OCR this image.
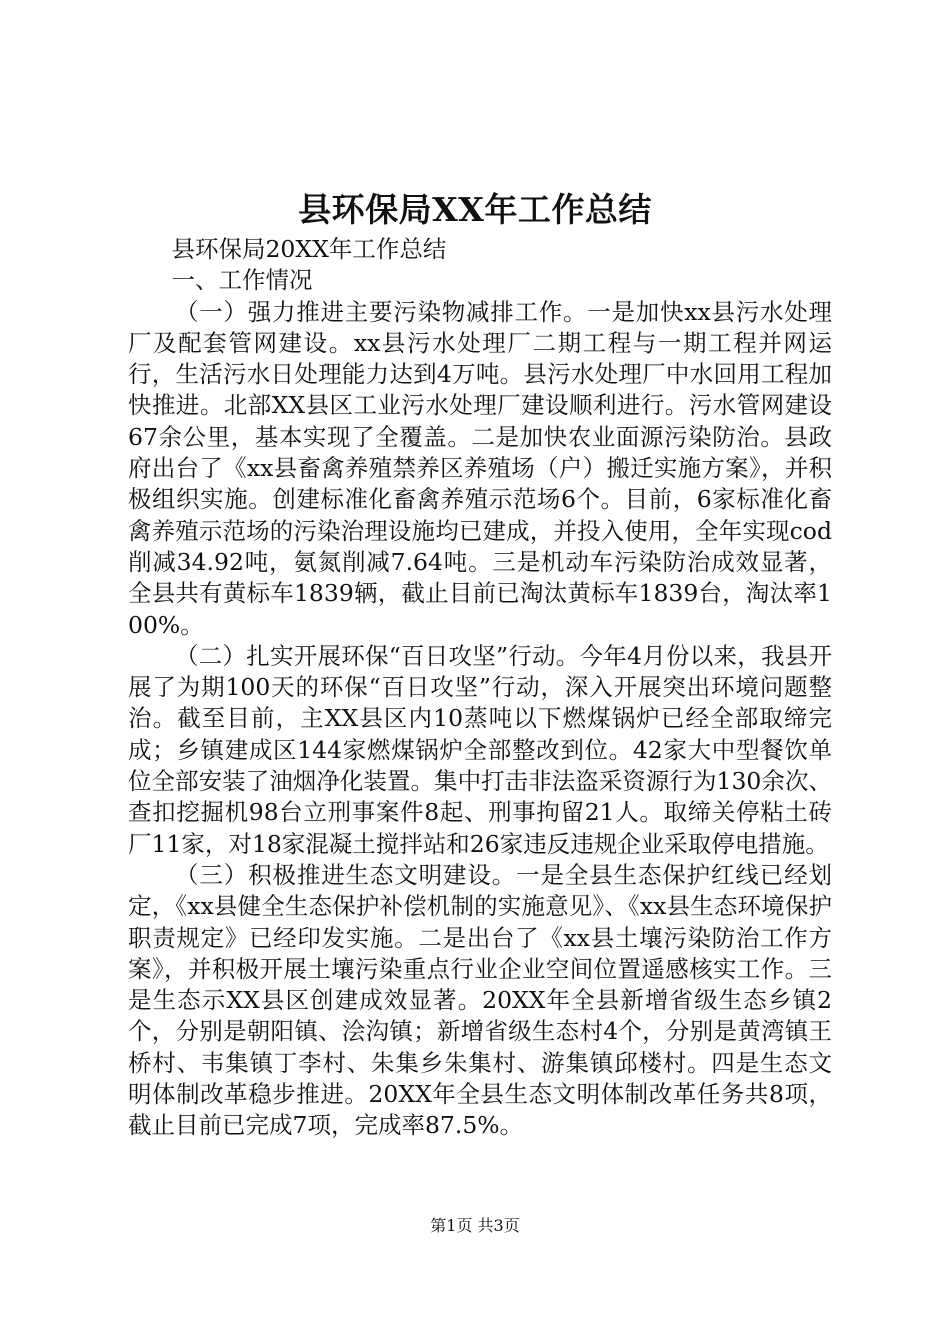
县环保局XX年工作总结

县环保局20XX年工作总结

一、工作情况

（一）强力推进主要污染物减排工作。一是加快xx县污水处理厂及配套管网建设。xx县污水处理厂二期工程与一期工程并网运行，生活污水日处理能力达到4万吨。县污水处理厂中水回用工程加快推进。北部XX县区工业污水处理厂建设顺利进行。污水管网建设67余公里，基本实现了全覆盖。二是加快农业面源污染防治。县政府出台了《xx县畜禽养殖禁养区养殖场（户）搬迁实施方案》，并积极组织实施。创建标准化畜禽养殖示范场6个。目前，6家标准化畜禽养殖示范场的污染治理设施均已建成，并投入使用，全年实现cod削减34.92吨，氨氮削减7.64吨。三是机动车污染防治成效显著，全县共有黄标车1839辆，截止目前已淘汰黄标车1839台，淘汰率100%。

（二）扎实开展环保“百日攻坚”行动。今年4月份以来，我县开展了为期100天的环保“百日攻坚”行动，深入开展突出环境问题整治。截至目前，主XX县区内10蒸吨以下燃煤锅炉已经全部取缔完成；乡镇建成区144家燃煤锅炉全部整改到位。42家大中型餐饮单位全部安装了油烟净化装置。集中打击非法盗采资源行为130余次、查扣挖掘机98台立刑事案件8起、刑事拘留21人。取缔关停粘土砖厂11家，对18家混凝土搅拌站和26家违反违规企业采取停电措施。

（三）积极推进生态文明建设。一是全县生态保护红线已经划定，《xx县健全生态保护补偿机制的实施意见》、《xx县生态环境保护职责规定》已经印发实施。二是出台了《xx县土壤污染防治工作方案》，并积极开展土壤污染重点行业企业空间位置遥感核实工作。三是生态示XX县区创建成效显著。20XX年全县新增省级生态乡镇2个，分别是朝阳镇、浍沟镇；新增省级生态村4个，分别是黄湾镇王桥村、韦集镇丁李村、朱集乡朱集村、游集镇邱楼村。四是生态文明体制改革稳步推进。20XX年全县生态文明体制改革任务共8项，截止目前已完成7项，完成率87.5%。

第1页 共3页
